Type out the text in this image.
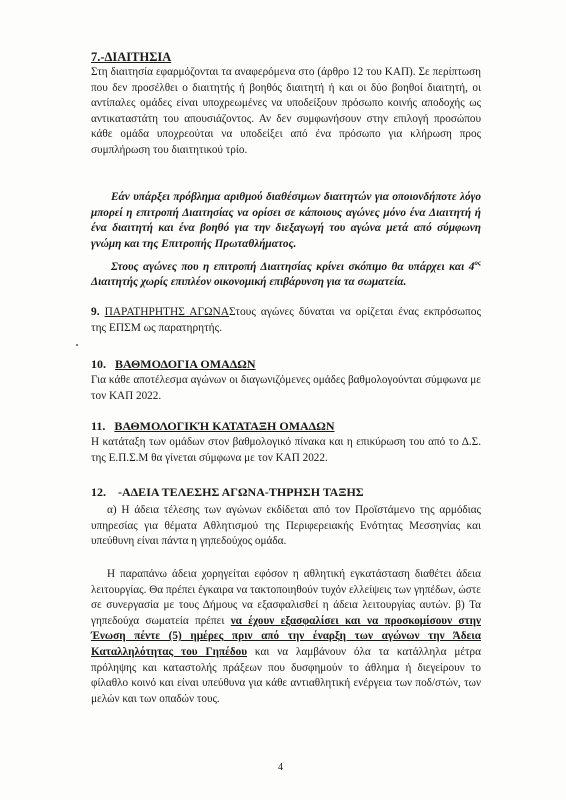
7.-ΔΙΑΙΤΗΣΙΑ

Στη διαιτησία εφαρμόζονται τα αναφερόμενα στο (άρθρο 12 του ΚΑΠ). Σε περίπτωση που δεν προσέλθει ο διαιτητής ή βοηθός διαιτητή ή και οι δύο βοηθοί διαιτητή, οι αντίπαλες ομάδες είναι υποχρεωμένες να υποδείξουν πρόσωπο κοινής αποδοχής ως αντικαταστάτη του απουσιάζοντος. Αν δεν συμφωνήσουν στην επιλογή προσώπου κάθε ομάδα υποχρεούται να υποδείξει από ένα πρόσωπο για κλήρωση προς συμπλήρωση του διαιτητικού τρίο.

Εάν υπάρξει πρόβλημα αριθμού διαθέσιμων διαιτητών για οποιονδήποτε λόγο μπορεί η επιτροπή Διαιτησίας να ορίσει σε κάποιους αγώνες μόνο ένα Διαιτητή ή ένα διαιτητή και ένα βοηθό για την διεξαγωγή του αγώνα μετά από σύμφωνη γνώμη και της Επιτροπής Πρωταθλήματος.

Στους αγώνες που η επιτροπή Διαιτησίας κρίνει σκόπιμο θα υπάρχει και $4^{o\varsigma}$ Διαιτητής χωρίς επιπλέον οικονομική επιβάρυνση για τα σωματεία.

9. ΠΑΡΑΤΗΡΗΤΗΣ ΑΓΩΝΑΣτους αγώνες δύναται να ορίζεται ένας εκπρόσωπος της ΕΠΣΜ ως παρατηρητής.

10. ΒΑΘΜΟΔΟΓΙΑ ΟΜΑΔΩΝ

Για κάθε αποτέλεσμα αγώνων οι διαγωνιζόμενες ομάδες βαθμολογούνται σύμφωνα με τον ΚΑΠ 2022.

11. ΒΑΘΜΟΛΟΓΙΚΉ ΚΑΤΑΤΑΞΗ ΟΜΑΔΩΝ

Η κατάταξη των ομάδων στον βαθμολογικό πίνακα και η επικύρωση του από το Δ.Σ. της Ε.Π.Σ.Μ θα γίνεται σύμφωνα με τον ΚΑΠ 2022.

12. -ΑΔΕΙΑ ΤΕΛΕΣΗΣ ΑΓΩΝΑ-ΤΗΡΗΣΗ ΤΑΞΗΣ

α) Η άδεια τέλεσης των αγώνων εκδίδεται από τον Προϊστάμενο της αρμόδιας υπηρεσίας για θέματα Αθλητισμού της Περιφερειακής Ενότητας Μεσσηνίας και υπεύθυνη είναι πάντα η γηπεδούχος ομάδα.

Η παραπάνω άδεια χορηγείται εφόσον η αθλητική εγκατάσταση διαθέτει άδεια λειτουργίας. Θα πρέπει έγκαιρα να τακτοποιηθούν τυχόν ελλείψεις των γηπέδων, ώστε σε συνεργασία με τους Δήμους να εξασφαλισθεί η άδεια λειτουργίας αυτών. β) Τα γηπεδούχα σωματεία πρέπει να έχουν εξασφαλίσει και να προσκομίσουν στην Ένωση πέντε (5) ημέρες πριν από την έναρξη των αγώνων την Άδεια Καταλληλότητας του Γηπέδου και να λαμβάνουν όλα τα κατάλληλα μέτρα πρόληψης και καταστολής πράξεων που δυσφημούν το άθλημα ή διεγείρουν το φίλαθλο κοινό και είναι υπεύθυνα για κάθε αντιαθλητική ενέργεια των ποδ/στών, των μελών και των οπαδών τους.

4
